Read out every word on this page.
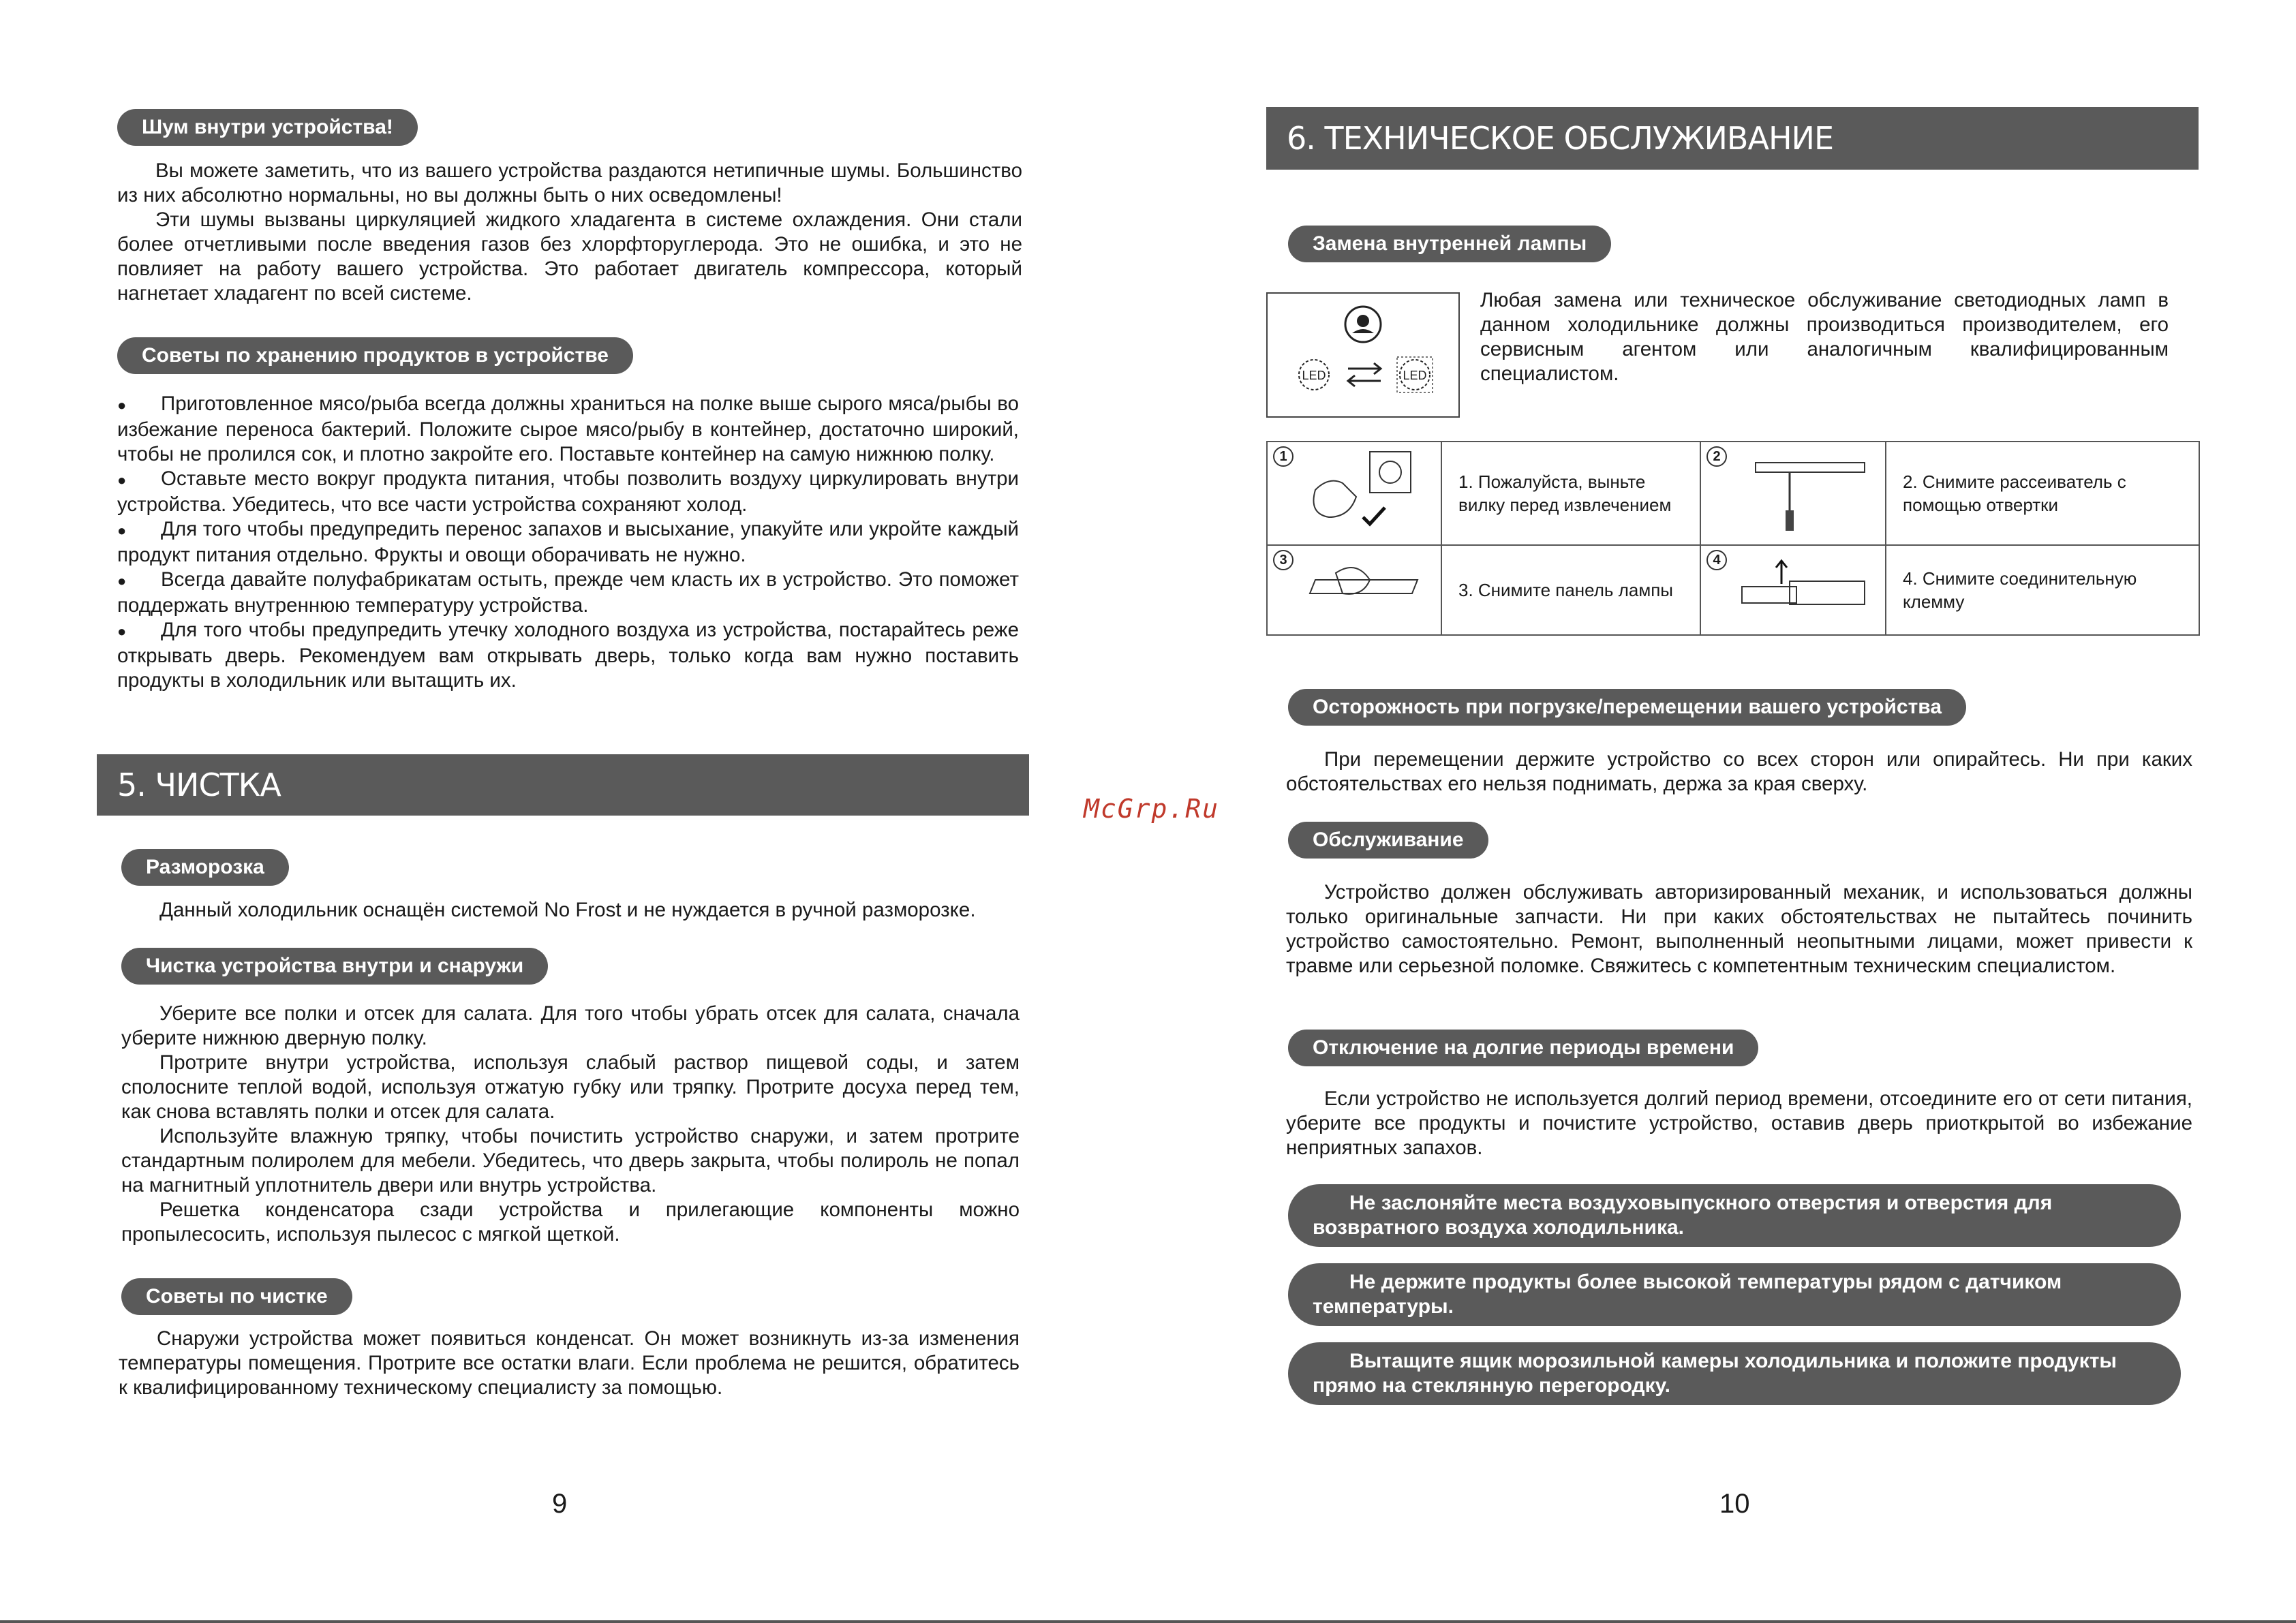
Шум внутри устройства!

Вы можете заметить, что из вашего устройства раздаются нетипичные шумы. Большинство из них абсолютно нормальны, но вы должны быть о них осведомлены!

Эти шумы вызваны циркуляцией жидкого хладагента в системе охлаждения. Они стали более отчетливыми после введения газов без хлорфторуглерода. Это не ошибка, и это не повлияет на работу вашего устройства. Это работает двигатель компрессора, который нагнетает хладагент по всей системе.

Советы по хранению продуктов в устройстве
● Приготовленное мясо/рыба всегда должны храниться на полке выше сырого мяса/рыбы во избежание переноса бактерий. Положите сырое мясо/рыбу в контейнер, достаточно широкий, чтобы не пролился сок, и плотно закройте его. Поставьте контейнер на самую нижнюю полку.
● Оставьте место вокруг продукта питания, чтобы позволить воздуху циркулировать внутри устройства. Убедитесь, что все части устройства сохраняют холод.
● Для того чтобы предупредить перенос запахов и высыхание, упакуйте или укройте каждый продукт питания отдельно. Фрукты и овощи оборачивать не нужно.
● Всегда давайте полуфабрикатам остыть, прежде чем класть их в устройство. Это поможет поддержать внутреннюю температуру устройства.
● Для того чтобы предупредить утечку холодного воздуха из устройства, постарайтесь реже открывать дверь. Рекомендуем вам открывать дверь, только когда вам нужно поставить продукты в холодильник или вытащить их.
5. ЧИСТКА
Разморозка

Данный холодильник оснащён системой No Frost и не нуждается в ручной разморозке.

Чистка устройства внутри и снаружи

Уберите все полки и отсек для салата. Для того чтобы убрать отсек для салата, сначала уберите нижнюю дверную полку.

Протрите внутри устройства, используя слабый раствор пищевой соды, и затем сполосните теплой водой, используя отжатую губку или тряпку. Протрите досуха перед тем, как снова вставлять полки и отсек для салата.

Используйте влажную тряпку, чтобы почистить устройство снаружи, и затем протрите стандартным полиролем для мебели. Убедитесь, что дверь закрыта, чтобы полироль не попал на магнитный уплотнитель двери или внутрь устройства.

Решетка конденсатора сзади устройства и прилегающие компоненты можно пропылесосить, используя пылесос с мягкой щеткой.

Советы по чистке

Снаружи устройства может появиться конденсат. Он может возникнуть из-за изменения температуры помещения. Протрите все остатки влаги. Если проблема не решится, обратитесь к квалифицированному техническому специалисту за помощью.

9
McGrp.Ru
6. ТЕХНИЧЕСКОЕ ОБСЛУЖИВАНИЕ
Замена внутренней лампы
LED	LED

Любая замена или техническое обслуживание светодиодных ламп в данном холодильнике должны производиться производителем, его сервисным агентом или аналогичным квалифицированным специалистом.

1	1. Пожалуйста, выньте вилку перед извлечением	2	2. Снимите рассеиватель с помощью отвертки

3	3. Снимите панель лампы	4	4. Снимите соединительную клемму
Осторожность при погрузке/перемещении вашего устройства

При перемещении держите устройство со всех сторон или опирайтесь. Ни при каких обстоятельствах его нельзя поднимать, держа за края сверху.

Обслуживание

Устройство должен обслуживать авторизированный механик, и использоваться должны только оригинальные запчасти. Ни при каких обстоятельствах не пытайтесь починить устройство самостоятельно. Ремонт, выполненный неопытными лицами, может привести к травме или серьезной поломке. Свяжитесь с компетентным техническим специалистом.

Отключение на долгие периоды времени

Если устройство не используется долгий период времени, отсоедините его от сети питания, уберите все продукты и почистите устройство, оставив дверь приоткрытой во избежание неприятных запахов.

10
Не заслоняйте места воздуховыпускного отверстия и отверстия для возвратного воздуха холодильника.
Не держите продукты более высокой температуры рядом с датчиком температуры.
Вытащите ящик морозильной камеры холодильника и положите продукты прямо на стеклянную перегородку.
